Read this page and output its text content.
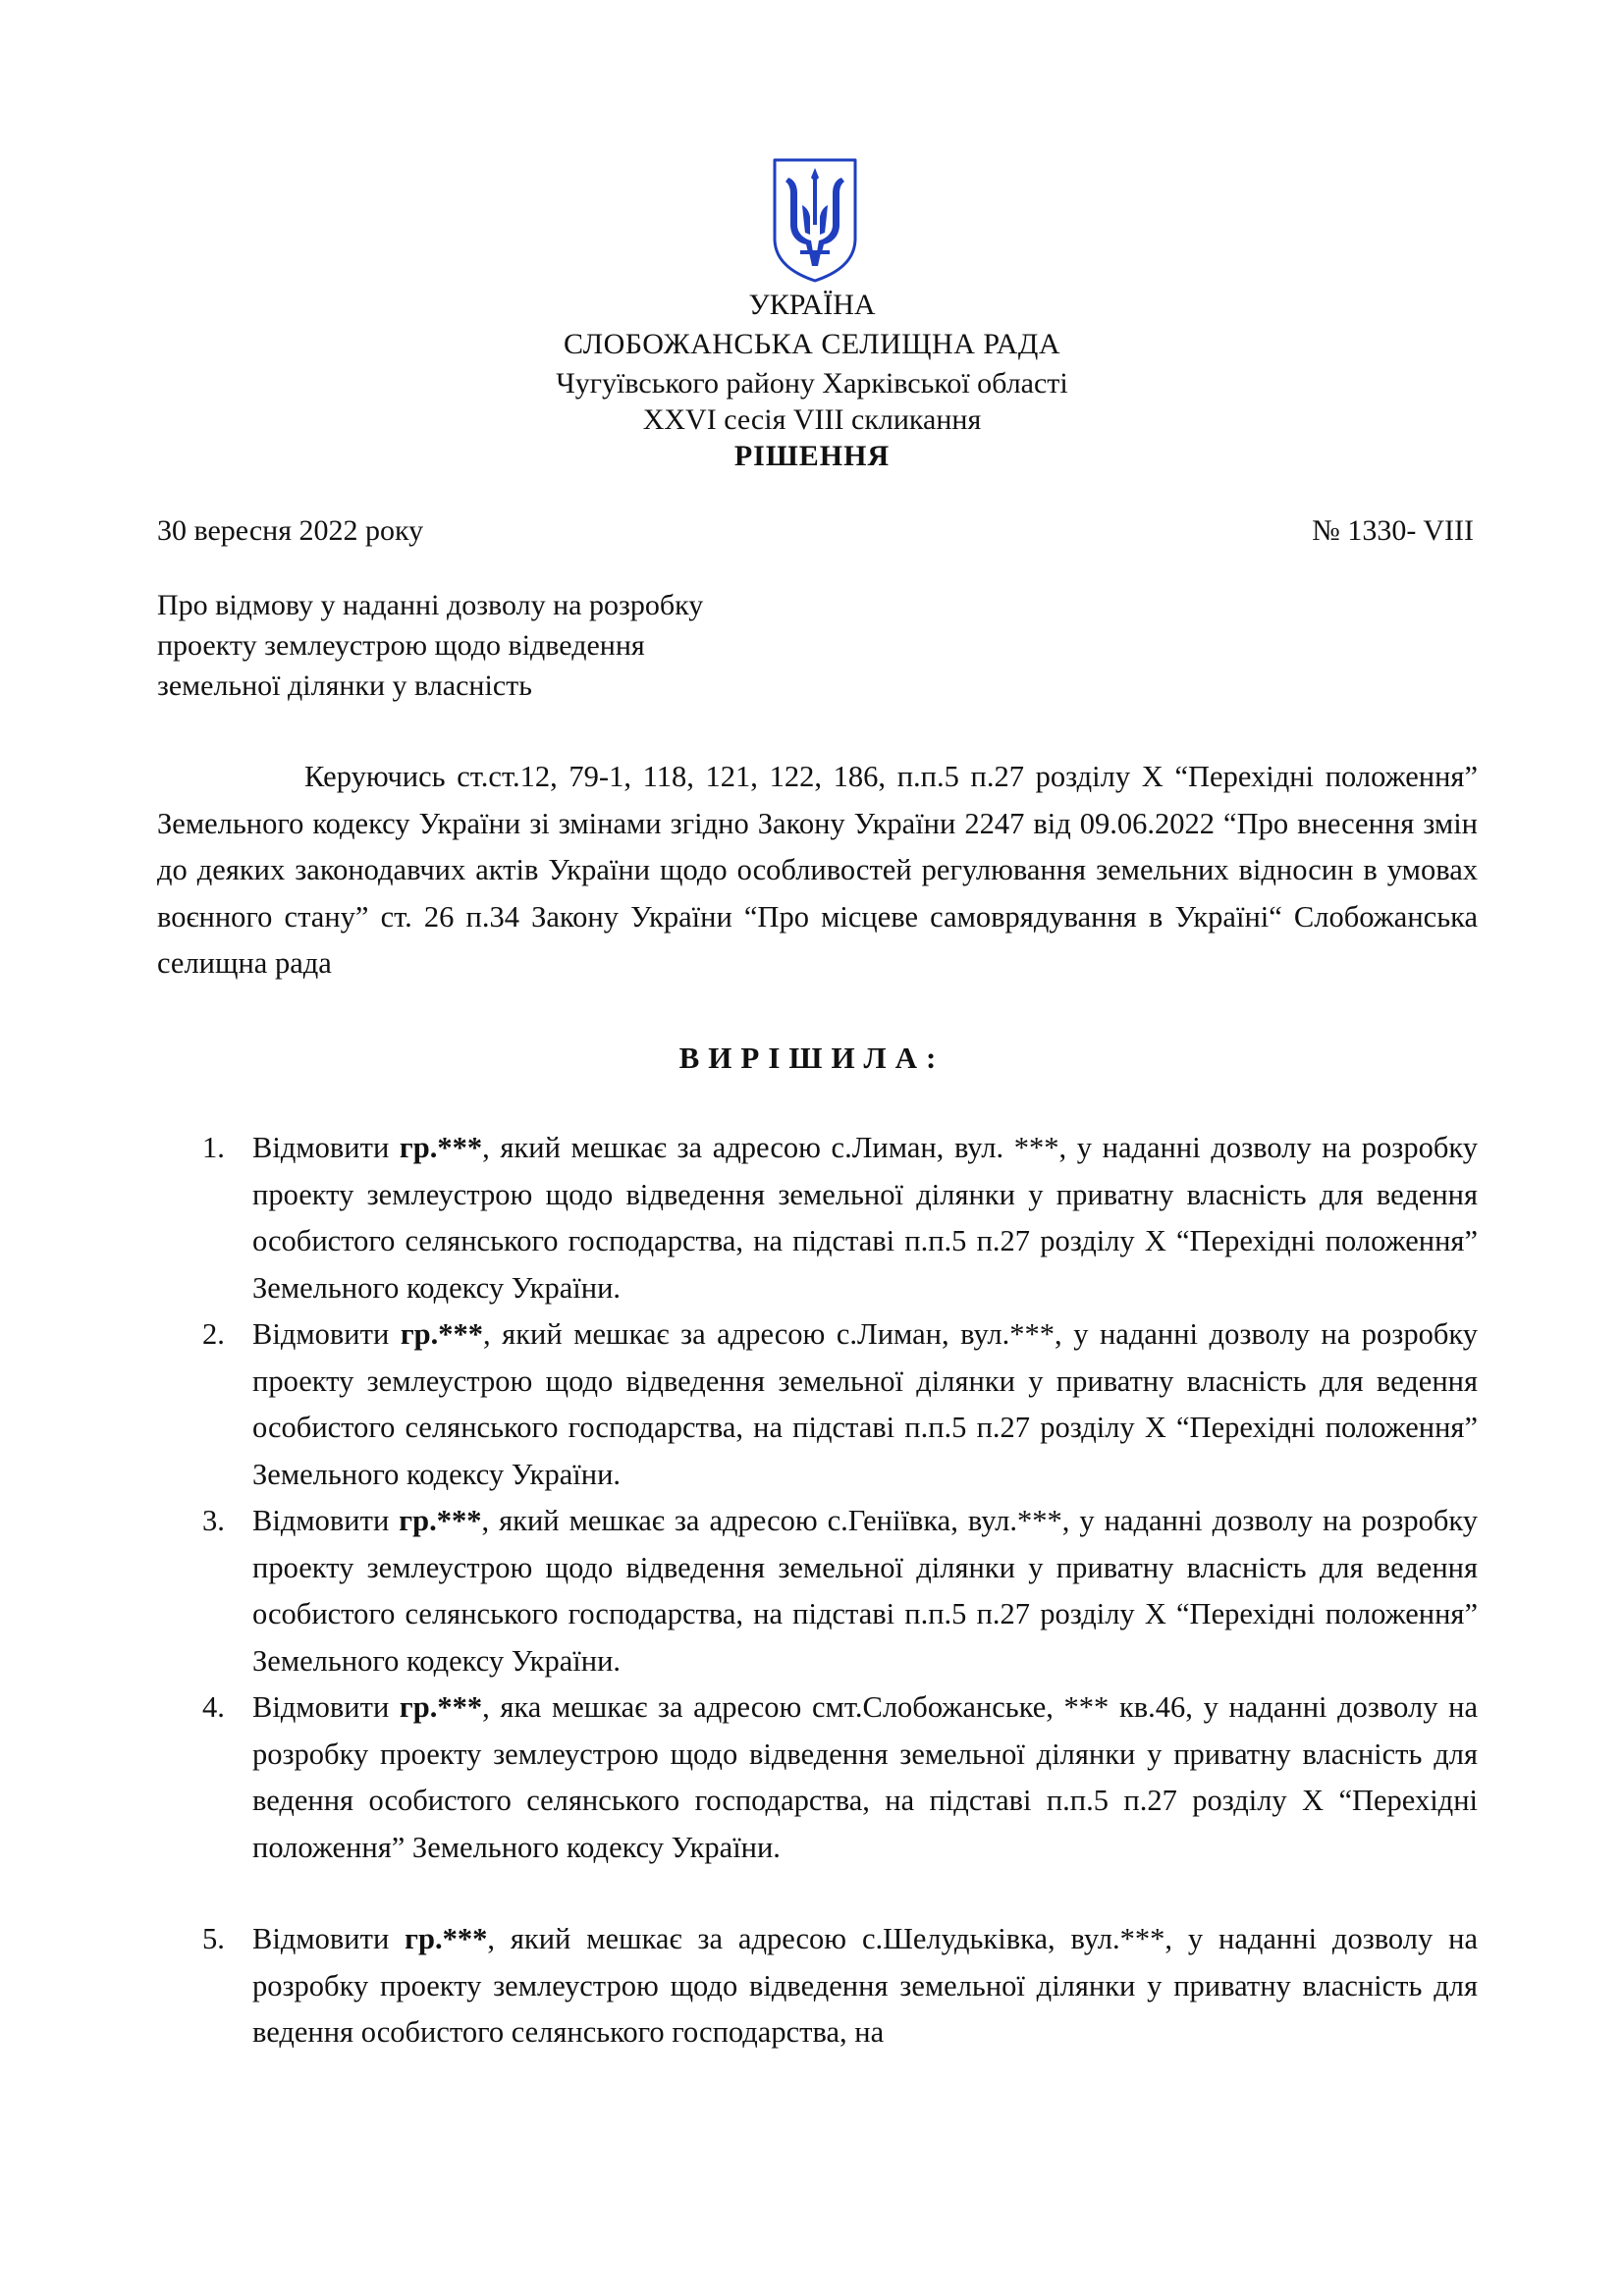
УКРАЇНА
СЛОБОЖАНСЬКА СЕЛИЩНА РАДА
Чугуївського району Харківської області
XXVI сесія VIII скликання
РІШЕННЯ
30 вересня 2022 року	№ 1330- VIII
Про відмову у наданні дозволу на розробку
проекту землеустрою щодо відведення
земельної ділянки у власність
Керуючись ст.ст.12, 79-1, 118, 121, 122, 186, п.п.5 п.27 розділу Х “Перехідні положення” Земельного кодексу України зі змінами згідно Закону України 2247 від 09.06.2022 “Про внесення змін до деяких законодавчих актів України щодо особливостей регулювання земельних відносин в умовах воєнного стану” ст. 26 п.34 Закону України “Про місцеве самоврядування в Україні“ Слобожанська селищна рада
ВИРІШИЛА:
1. Відмовити гр.***, який мешкає за адресою с.Лиман, вул. ***, у наданні дозволу на розробку проекту землеустрою щодо відведення земельної ділянки у приватну власність для ведення особистого селянського господарства, на підставі п.п.5 п.27 розділу Х “Перехідні положення” Земельного кодексу України.
2. Відмовити гр.***, який мешкає за адресою с.Лиман, вул.***, у наданні дозволу на розробку проекту землеустрою щодо відведення земельної ділянки у приватну власність для ведення особистого селянського господарства, на підставі п.п.5 п.27 розділу Х “Перехідні положення” Земельного кодексу України.
3. Відмовити гр.***, який мешкає за адресою с.Геніївка, вул.***, у наданні дозволу на розробку проекту землеустрою щодо відведення земельної ділянки у приватну власність для ведення особистого селянського господарства, на підставі п.п.5 п.27 розділу Х “Перехідні положення” Земельного кодексу України.
4. Відмовити гр.***, яка мешкає за адресою смт.Слобожанське, *** кв.46, у наданні дозволу на розробку проекту землеустрою щодо відведення земельної ділянки у приватну власність для ведення особистого селянського господарства, на підставі п.п.5 п.27 розділу Х “Перехідні положення” Земельного кодексу України.
5. Відмовити гр.***, який мешкає за адресою с.Шелудьківка, вул.***, у наданні дозволу на розробку проекту землеустрою щодо відведення земельної ділянки у приватну власність для ведення особистого селянського господарства, на
